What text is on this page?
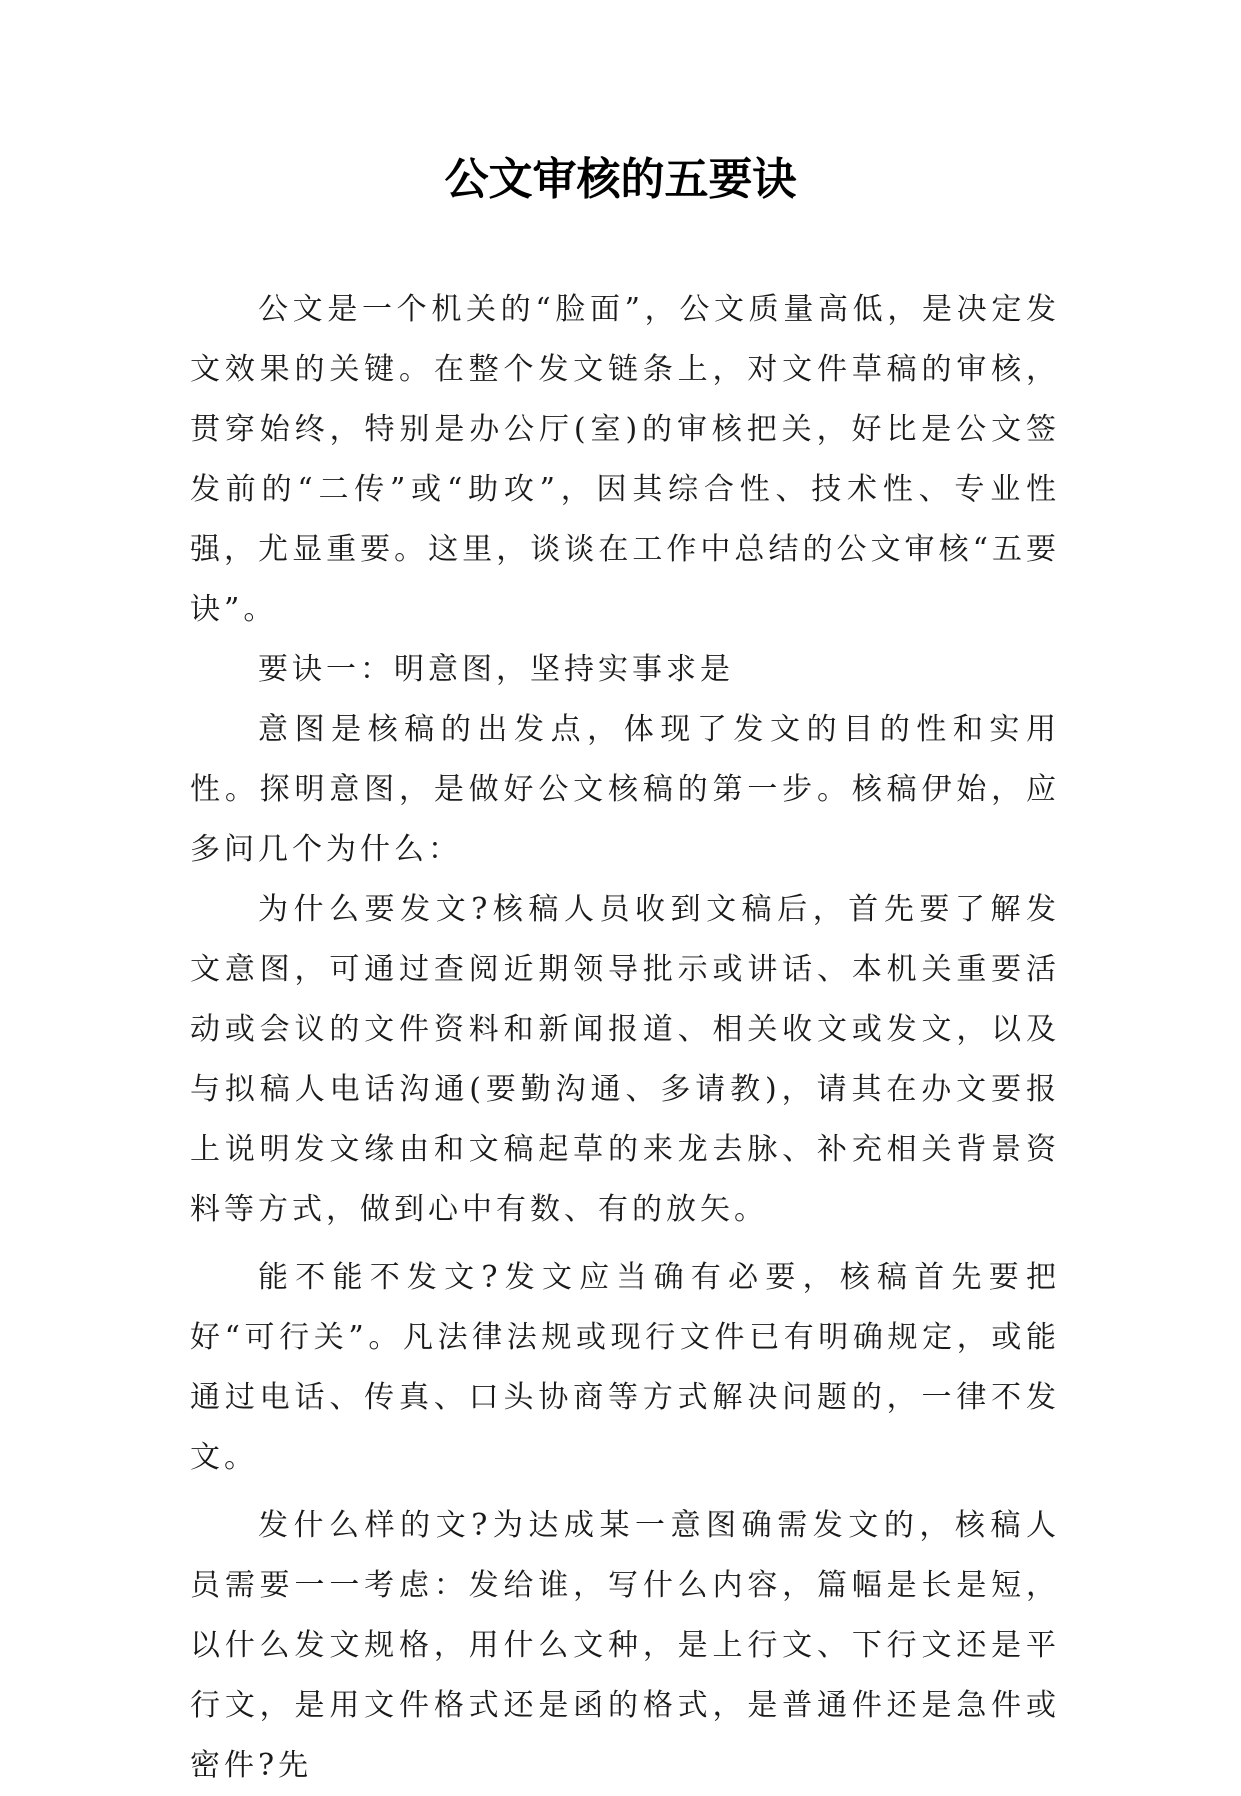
公文审核的五要诀

公文是一个机关的“脸面”，公文质量高低，是决定发文效果的关键。在整个发文链条上，对文件草稿的审核，贯穿始终，特别是办公厅(室)的审核把关，好比是公文签发前的“二传”或“助攻”，因其综合性、技术性、专业性强，尤显重要。这里，谈谈在工作中总结的公文审核“五要诀”。

要诀一：明意图，坚持实事求是

意图是核稿的出发点，体现了发文的目的性和实用性。探明意图，是做好公文核稿的第一步。核稿伊始，应多问几个为什么：

为什么要发文?核稿人员收到文稿后，首先要了解发文意图，可通过查阅近期领导批示或讲话、本机关重要活动或会议的文件资料和新闻报道、相关收文或发文，以及与拟稿人电话沟通(要勤沟通、多请教)，请其在办文要报上说明发文缘由和文稿起草的来龙去脉、补充相关背景资料等方式，做到心中有数、有的放矢。

能不能不发文?发文应当确有必要，核稿首先要把好“可行关”。凡法律法规或现行文件已有明确规定，或能通过电话、传真、口头协商等方式解决问题的，一律不发文。

发什么样的文?为达成某一意图确需发文的，核稿人员需要一一考虑：发给谁，写什么内容，篇幅是长是短，以什么发文规格，用什么文种，是上行文、下行文还是平行文，是用文件格式还是函的格式，是普通件还是急件或密件?先
